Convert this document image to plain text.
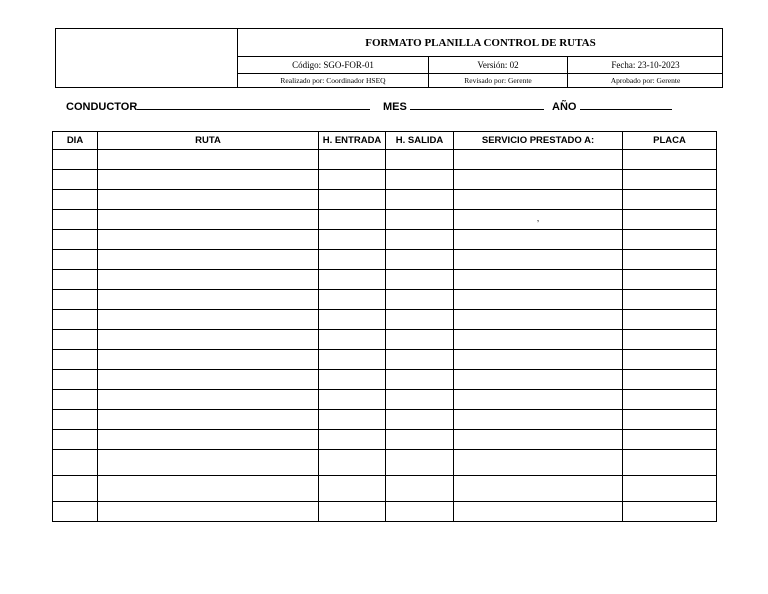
FORMATO PLANILLA CONTROL DE RUTAS
Código: SGO-FOR-01	Versión: 02	Fecha: 23-10-2023
Realizado por: Coordinador HSEQ	Revisado por: Gerente	Aprobado por: Gerente
CONDUCTOR	MES	AÑO
DIA	RUTA	H. ENTRADA	H. SALIDA	SERVICIO PRESTADO A:	PLACA

				,	
